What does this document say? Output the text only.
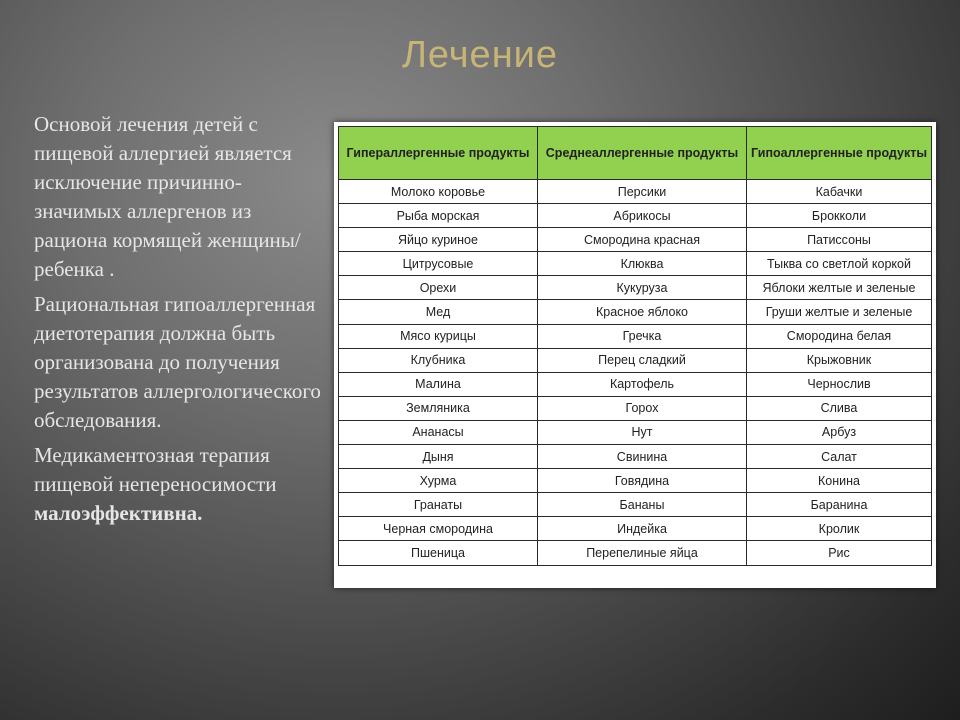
Лечение

Основой лечения детей с пищевой аллергией является исключение причинно-значимых аллергенов из рациона кормящей женщины/ребенка .

Рациональная гипоаллергенная диетотерапия должна быть организована до получения результатов аллергологического обследования.

Медикаментозная терапия пищевой непереносимости малоэффективна.

Гипераллергенные продукты	Среднеаллергенные продукты	Гипоаллергенные продукты
Молоко коровье	Персики	Кабачки
Рыба морская	Абрикосы	Брокколи
Яйцо куриное	Смородина красная	Патиссоны
Цитрусовые	Клюква	Тыква со светлой коркой
Орехи	Кукуруза	Яблоки желтые и зеленые
Мед	Красное яблоко	Груши желтые и зеленые
Мясо курицы	Гречка	Смородина белая
Клубника	Перец сладкий	Крыжовник
Малина	Картофель	Чернослив
Земляника	Горох	Слива
Ананасы	Нут	Арбуз
Дыня	Свинина	Салат
Хурма	Говядина	Конина
Гранаты	Бананы	Баранина
Черная смородина	Индейка	Кролик
Пшеница	Перепелиные яйца	Рис
